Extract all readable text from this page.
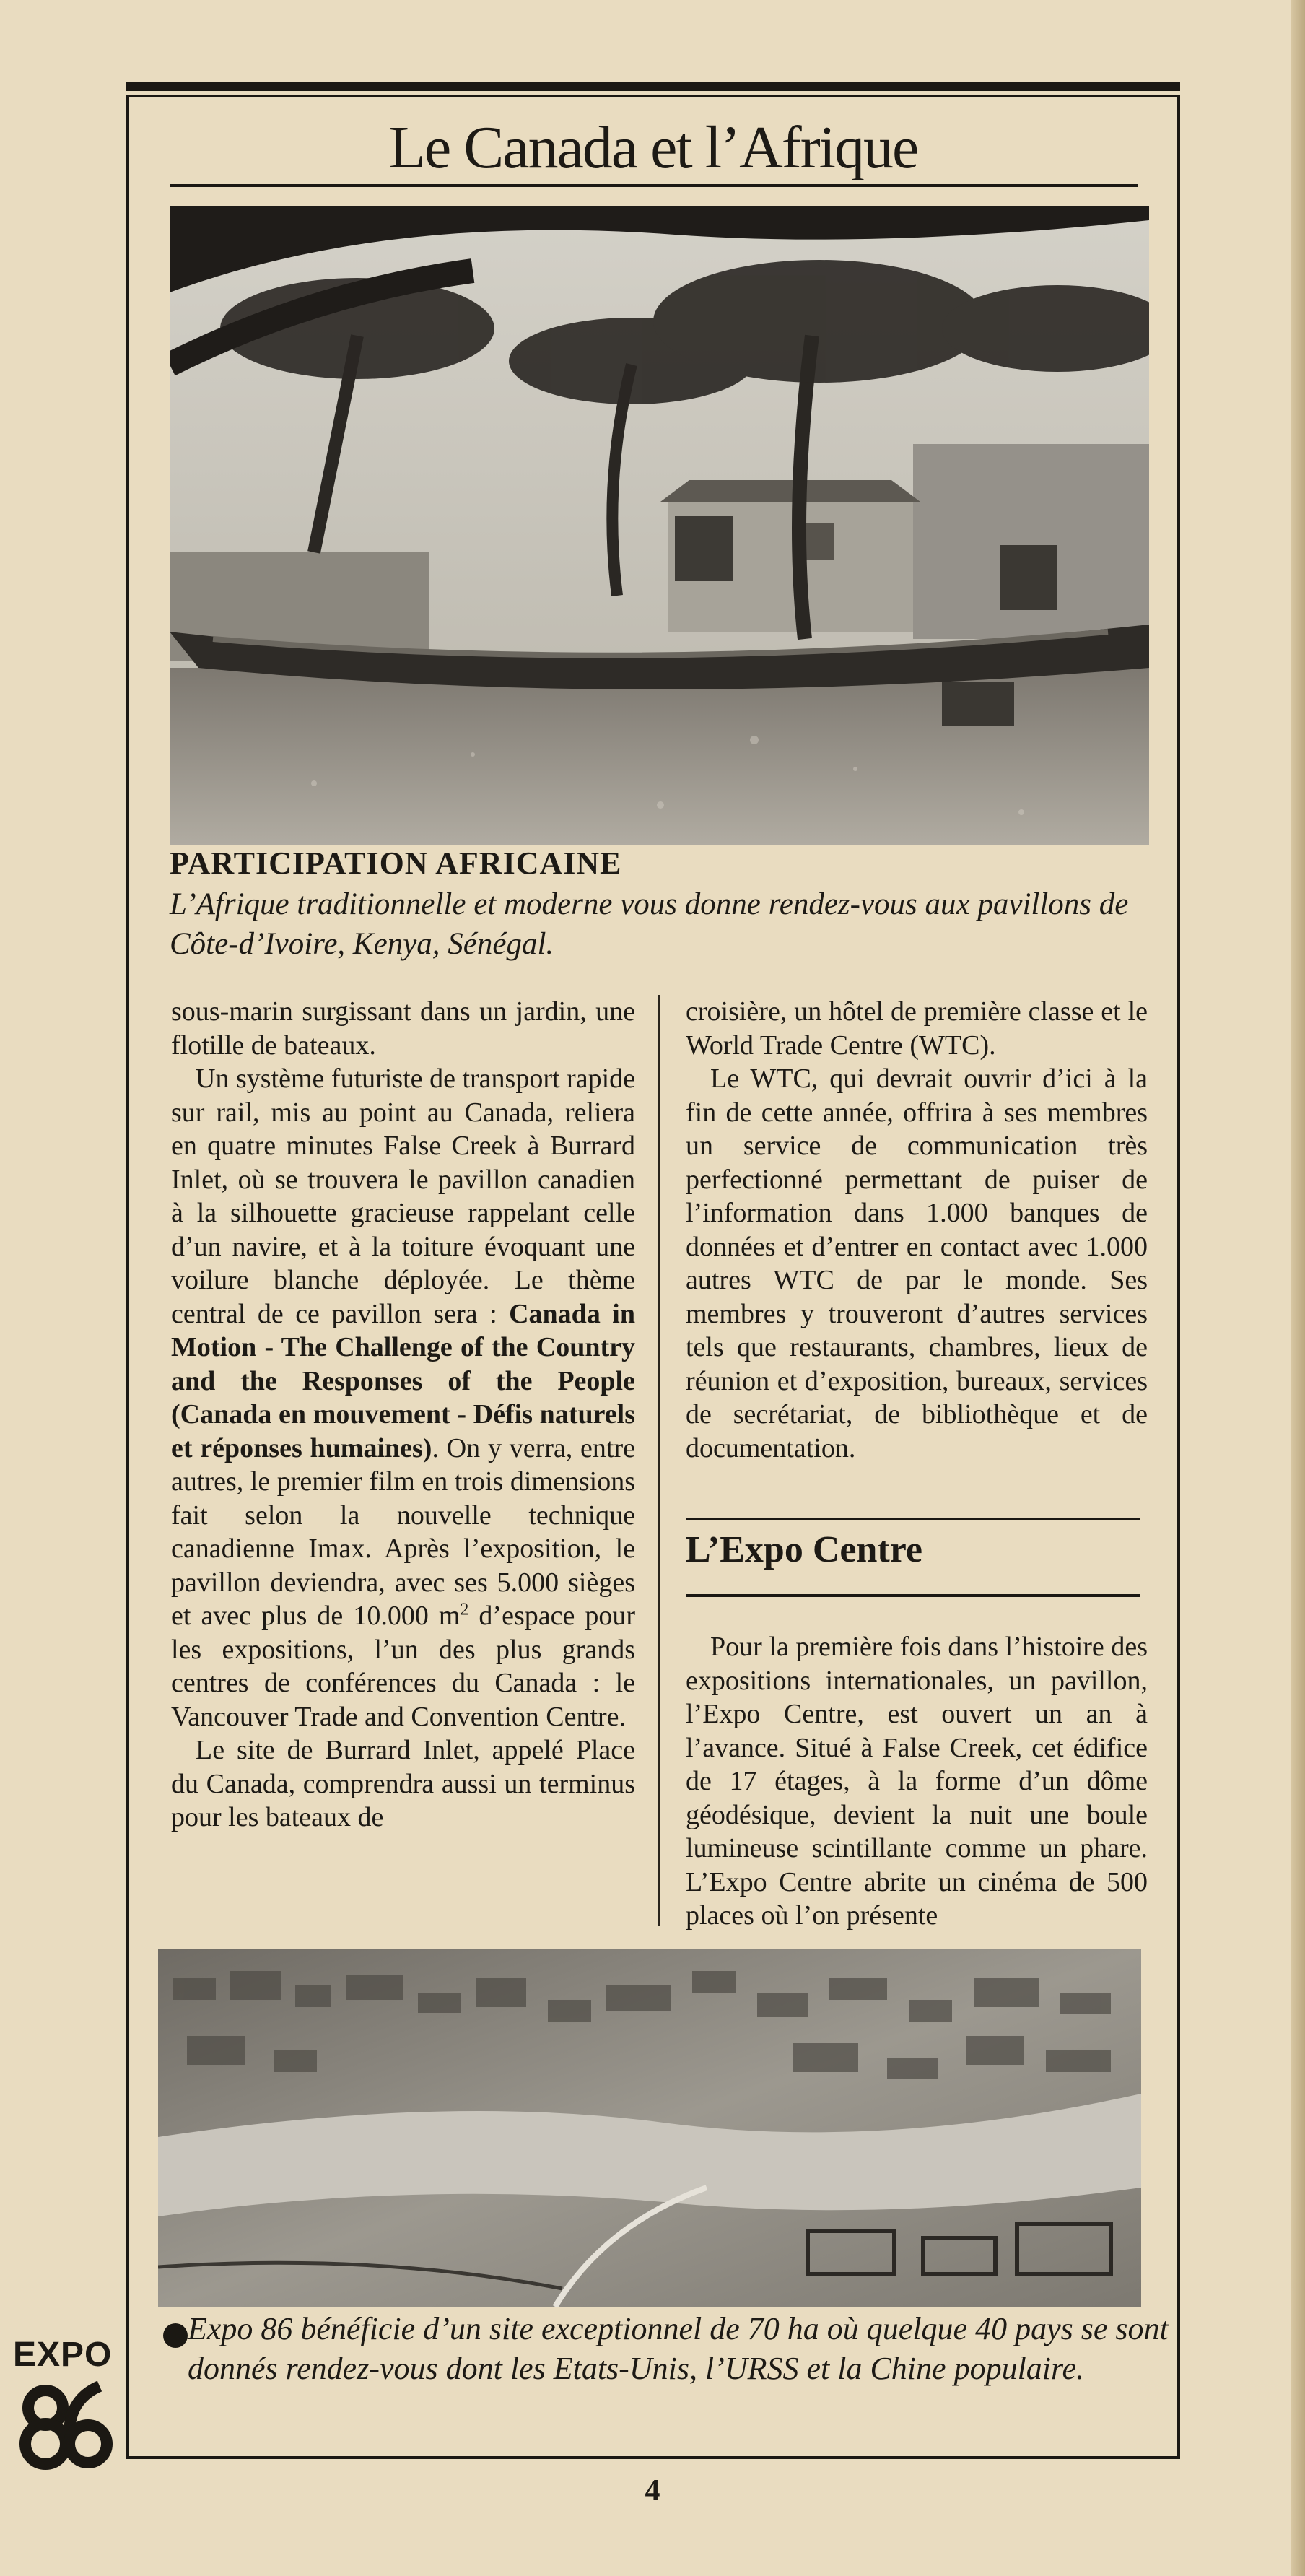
Le Canada et l’Afrique
PARTICIPATION AFRICAINE
L’Afrique traditionnelle et moderne vous donne rendez-vous aux pavillons de Côte-d’Ivoire, Kenya, Sénégal.

sous-marin surgissant dans un jardin, une flotille de bateaux.

Un système futuriste de transport rapide sur rail, mis au point au Canada, reliera en quatre minutes False Creek à Burrard Inlet, où se trouvera le pavillon canadien à la silhouette gracieuse rappelant celle d’un navire, et à la toiture évoquant une voilure blanche déployée. Le thème central de ce pavillon sera : Canada in Motion - The Challenge of the Country and the Responses of the People (Canada en mouvement - Défis naturels et réponses humaines). On y verra, entre autres, le premier film en trois dimensions fait selon la nouvelle technique canadienne Imax. Après l’exposition, le pavillon deviendra, avec ses 5.000 sièges et avec plus de 10.000 $m^2$ d’espace pour les expositions, l’un des plus grands centres de conférences du Canada : le Vancouver Trade and Convention Centre.

Le site de Burrard Inlet, appelé Place du Canada, comprendra aussi un terminus pour les bateaux de

croisière, un hôtel de première classe et le World Trade Centre (WTC).

Le WTC, qui devrait ouvrir d’ici à la fin de cette année, offrira à ses membres un service de communication très perfectionné permettant de puiser de l’information dans 1.000 banques de données et d’entrer en contact avec 1.000 autres WTC de par le monde. Ses membres y trouveront d’autres services tels que restaurants, chambres, lieux de réunion et d’exposition, bureaux, services de secrétariat, de bibliothèque et de documentation.

L’Expo Centre

Pour la première fois dans l’histoire des expositions internationales, un pavillon, l’Expo Centre, est ouvert un an à l’avance. Situé à False Creek, cet édifice de 17 étages, à la forme d’un dôme géodésique, devient la nuit une boule lumineuse scintillante comme un phare. L’Expo Centre abrite un cinéma de 500 places où l’on présente

Expo 86 bénéficie d’un site exceptionnel de 70 ha où quelque 40 pays se sont donnés rendez-vous dont les Etats-Unis, l’URSS et la Chine populaire.
EXPO
4
